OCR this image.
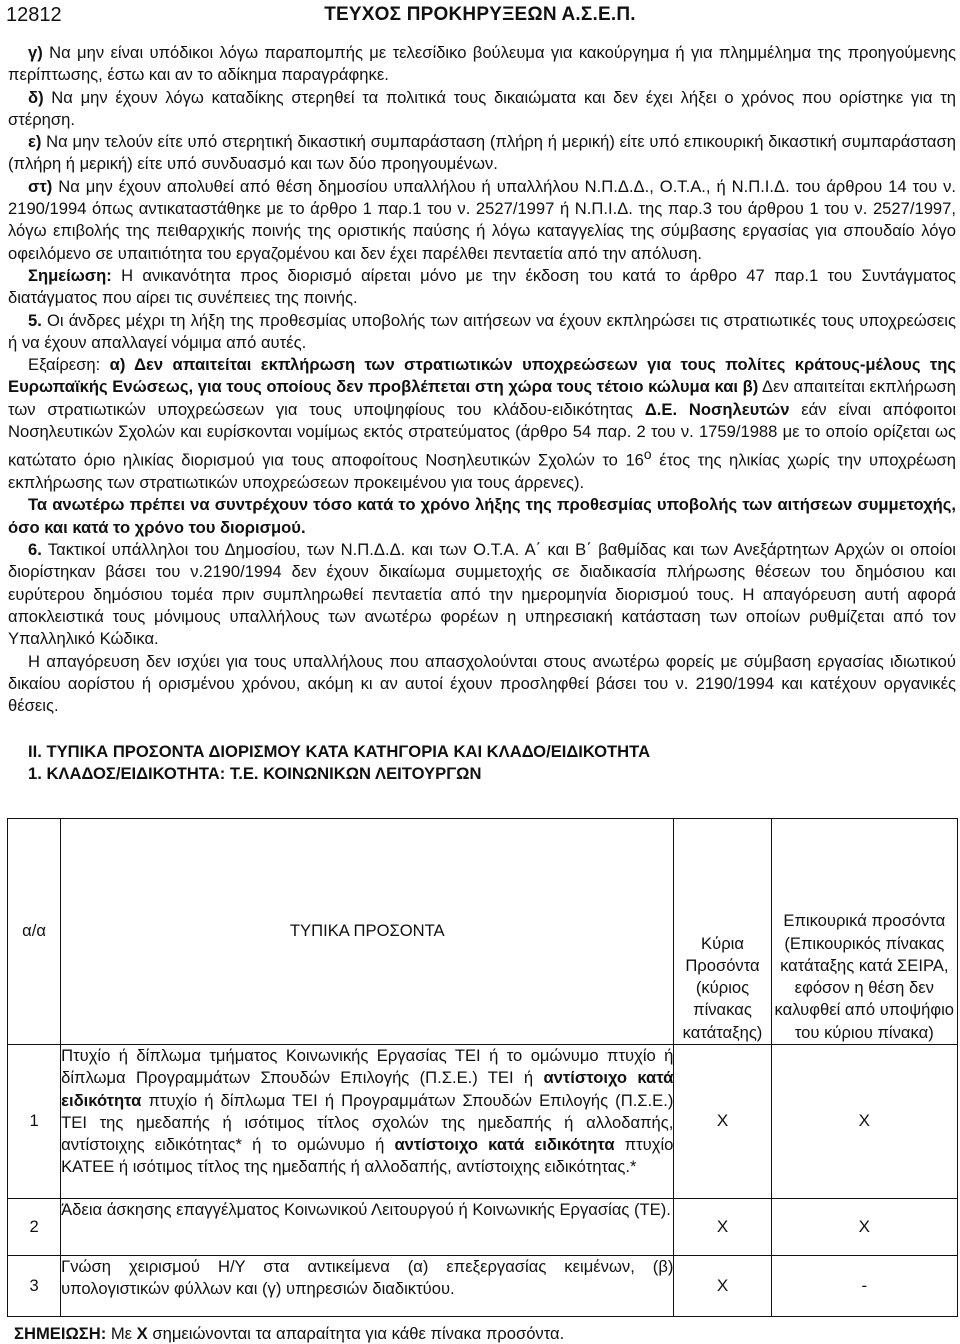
12812	ΤΕΥΧΟΣ ΠΡΟΚΗΡΥΞΕΩΝ Α.Σ.Ε.Π.

γ) Να μην είναι υπόδικοι λόγω παραπομπής με τελεσίδικο βούλευμα για κακούργημα ή για πλημμέλημα της προηγούμενης περίπτωσης, έστω και αν το αδίκημα παραγράφηκε.

δ) Να μην έχουν λόγω καταδίκης στερηθεί τα πολιτικά τους δικαιώματα και δεν έχει λήξει ο χρόνος που ορίστηκε για τη στέρηση.

ε) Να μην τελούν είτε υπό στερητική δικαστική συμπαράσταση (πλήρη ή μερική) είτε υπό επικουρική δικαστική συμπαράσταση (πλήρη ή μερική) είτε υπό συνδυασμό και των δύο προηγουμένων.

στ) Να μην έχουν απολυθεί από θέση δημοσίου υπαλλήλου ή υπαλλήλου Ν.Π.Δ.Δ., Ο.Τ.Α., ή Ν.Π.Ι.Δ. του άρθρου 14 του ν. 2190/1994 όπως αντικαταστάθηκε με το άρθρο 1 παρ.1 του ν. 2527/1997 ή Ν.Π.Ι.Δ. της παρ.3 του άρθρου 1 του ν. 2527/1997, λόγω επιβολής της πειθαρχικής ποινής της οριστικής παύσης ή λόγω καταγγελίας της σύμβασης εργασίας για σπουδαίο λόγο οφειλόμενο σε υπαιτιότητα του εργαζομένου και δεν έχει παρέλθει πενταετία από την απόλυση.

Σημείωση: Η ανικανότητα προς διορισμό αίρεται μόνο με την έκδοση του κατά το άρθρο 47 παρ.1 του Συντάγματος διατάγματος που αίρει τις συνέπειες της ποινής.

5. Οι άνδρες μέχρι τη λήξη της προθεσμίας υποβολής των αιτήσεων να έχουν εκπληρώσει τις στρατιωτικές τους υποχρεώσεις ή να έχουν απαλλαγεί νόμιμα από αυτές.

Εξαίρεση: α) Δεν απαιτείται εκπλήρωση των στρατιωτικών υποχρεώσεων για τους πολίτες κράτους-μέλους της Ευρωπαϊκής Ενώσεως, για τους οποίους δεν προβλέπεται στη χώρα τους τέτοιο κώλυμα και β) Δεν απαιτείται εκπλήρωση των στρατιωτικών υποχρεώσεων για τους υποψηφίους του κλάδου-ειδικότητας Δ.Ε. Νοσηλευτών εάν είναι απόφοιτοι Νοσηλευτικών Σχολών και ευρίσκονται νομίμως εκτός στρατεύματος (άρθρο 54 παρ. 2 του ν. 1759/1988 με το οποίο ορίζεται ως κατώτατο όριο ηλικίας διορισμού για τους αποφοίτους Νοσηλευτικών Σχολών το $16^o$ έτος της ηλικίας χωρίς την υποχρέωση εκπλήρωσης των στρατιωτικών υποχρεώσεων προκειμένου για τους άρρενες).

Τα ανωτέρω πρέπει να συντρέχουν τόσο κατά το χρόνο λήξης της προθεσμίας υποβολής των αιτήσεων συμμετοχής, όσο και κατά το χρόνο του διορισμού.

6. Τακτικοί υπάλληλοι του Δημοσίου, των Ν.Π.Δ.Δ. και των Ο.Τ.Α. Α΄ και Β΄ βαθμίδας και των Ανεξάρτητων Αρχών οι οποίοι διορίστηκαν βάσει του ν.2190/1994 δεν έχουν δικαίωμα συμμετοχής σε διαδικασία πλήρωσης θέσεων του δημόσιου και ευρύτερου δημόσιου τομέα πριν συμπληρωθεί πενταετία από την ημερομηνία διορισμού τους. Η απαγόρευση αυτή αφορά αποκλειστικά τους μόνιμους υπαλλήλους των ανωτέρω φορέων η υπηρεσιακή κατάσταση των οποίων ρυθμίζεται από τον Υπαλληλικό Κώδικα.

Η απαγόρευση δεν ισχύει για τους υπαλλήλους που απασχολούνται στους ανωτέρω φορείς με σύμβαση εργασίας ιδιωτικού δικαίου αορίστου ή ορισμένου χρόνου, ακόμη κι αν αυτοί έχουν προσληφθεί βάσει του ν. 2190/1994 και κατέχουν οργανικές θέσεις.

ΙΙ. ΤΥΠΙΚΑ ΠΡΟΣΟΝΤΑ ΔΙΟΡΙΣΜΟΥ ΚΑΤΑ ΚΑΤΗΓΟΡΙΑ ΚΑΙ ΚΛΑΔΟ/ΕΙΔΙΚΟΤΗΤΑ

1. ΚΛΑΔΟΣ/ΕΙΔΙΚΟΤΗΤΑ: Τ.Ε. ΚΟΙΝΩΝΙΚΩΝ ΛΕΙΤΟΥΡΓΩΝ

α/α	ΤΥΠΙΚΑ ΠΡΟΣΟΝΤΑ	Κύρια Προσόντα (κύριος πίνακας κατάταξης)	Επικουρικά προσόντα (Επικουρικός πίνακας κατάταξης κατά ΣΕΙΡΑ, εφόσον η θέση δεν καλυφθεί από υποψήφιο του κύριου πίνακα)
1	Πτυχίο ή δίπλωμα τμήματος Κοινωνικής Εργασίας ΤΕΙ ή το ομώνυμο πτυχίο ή δίπλωμα Προγραμμάτων Σπουδών Επιλογής (Π.Σ.Ε.) ΤΕΙ ή αντίστοιχο κατά ειδικότητα πτυχίο ή δίπλωμα ΤΕΙ ή Προγραμμάτων Σπουδών Επιλογής (Π.Σ.Ε.) ΤΕΙ της ημεδαπής ή ισότιμος τίτλος σχολών της ημεδαπής ή αλλοδαπής, αντίστοιχης ειδικότητας* ή το ομώνυμο ή αντίστοιχο κατά ειδικότητα πτυχίο ΚΑΤΕΕ ή ισότιμος τίτλος της ημεδαπής ή αλλοδαπής, αντίστοιχης ειδικότητας.*	Χ	Χ
2	Άδεια άσκησης επαγγέλματος Κοινωνικού Λειτουργού ή Κοινωνικής Εργασίας (ΤΕ).	Χ	Χ
3	Γνώση χειρισμού Η/Υ στα αντικείμενα (α) επεξεργασίας κειμένων, (β) υπολογιστικών φύλλων και (γ) υπηρεσιών διαδικτύου.	Χ	-
ΣΗΜΕΙΩΣΗ: Με Χ σημειώνονται τα απαραίτητα για κάθε πίνακα προσόντα.
